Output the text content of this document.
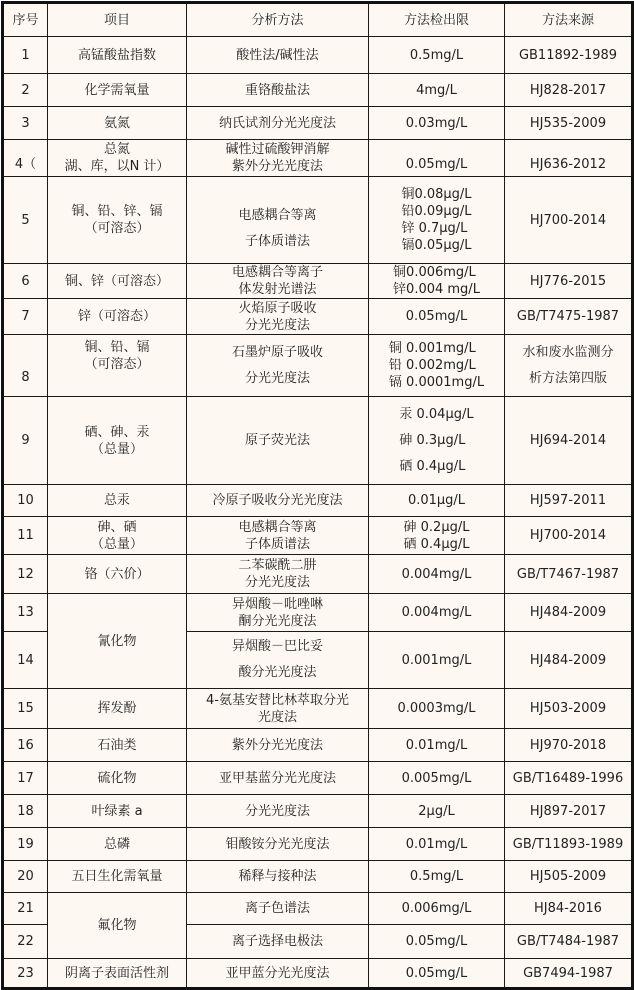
序号	项目	分析方法	方法检出限	方法来源
1	高锰酸盐指数	酸性法/碱性法	0.5mg/L	GB11892-1989

2	化学需氧量	重铬酸盐法	4mg/L	HJ828-2017

3	氨氮	纳氏试剂分光光度法	0.03mg/L	HJ535-2009

4（	总氮
湖、库，以N 计）	碱性过硫酸钾消解
紫外分光光度法	0.05mg/L	HJ636-2012

5	铜、铅、锌、镉
（可溶态）	电感耦合等离
子体质谱法	铜0.08μg/L
铅0.09μg/L
锌 0.7μg/L
镉0.05μg/L	HJ700-2014

6	铜、锌（可溶态）	电感耦合等离子
体发射光谱法	铜0.006mg/L
锌0.004 mg/L	HJ776-2015

7	锌（可溶态）	火焰原子吸收
分光光度法	0.05mg/L	GB/T7475-1987

8	铜、铅、镉
（可溶态）	石墨炉原子吸收
分光光度法	铜 0.001mg/L
铅 0.002mg/L
镉 0.0001mg/L	水和废水监测分
析方法第四版

9	硒、砷、汞
（总量）	原子荧光法	汞 0.04μg/L
砷 0.3μg/L
硒 0.4μg/L	HJ694-2014

10	总汞	冷原子吸收分光光度法	0.01μg/L	HJ597-2011

11	砷、硒
（总量）	电感耦合等离
子体质谱法	砷 0.2μg/L
硒 0.4μg/L	HJ700-2014

12	铬（六价）	二苯碳酰二肼
分光光度法	0.004mg/L	GB/T7467-1987

13	氰化物	异烟酸－吡唑啉
酮分光光度法	0.004mg/L	HJ484-2009

14		异烟酸－巴比妥
酸分光光度法	0.001mg/L	HJ484-2009

15	挥发酚	4-氨基安替比林萃取分光
光度法	0.0003mg/L	HJ503-2009

16	石油类	紫外分光光度法	0.01mg/L	HJ970-2018

17	硫化物	亚甲基蓝分光光度法	0.005mg/L	GB/T16489-1996

18	叶绿素 a	分光光度法	2μg/L	HJ897-2017

19	总磷	钼酸铵分光光度法	0.01mg/L	GB/T11893-1989

20	五日生化需氧量	稀释与接种法	0.5mg/L	HJ505-2009

21	氟化物	离子色谱法	0.006mg/L	HJ84-2016

22		离子选择电极法	0.05mg/L	GB/T7484-1987

23	阴离子表面活性剂	亚甲蓝分光光度法	0.05mg/L	GB7494-1987
